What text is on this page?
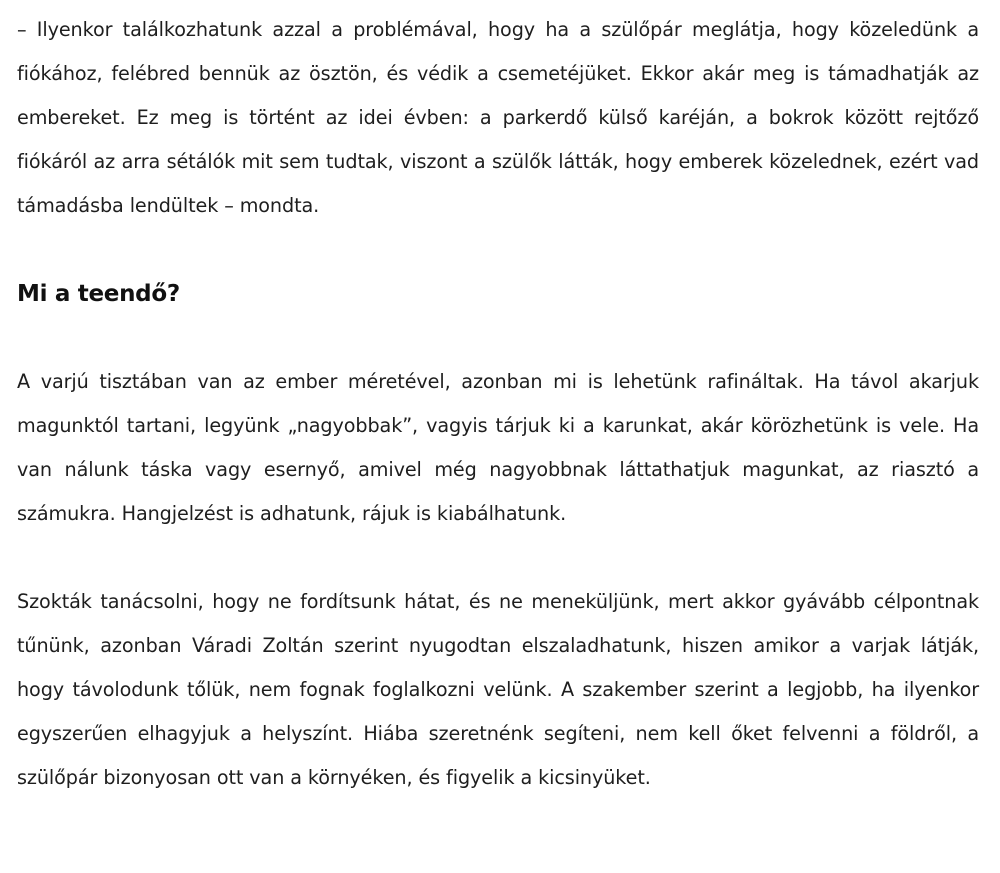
– Ilyenkor találkozhatunk azzal a problémával, hogy ha a szülőpár meglátja, hogy közeledünk a fiókához, felébred bennük az ösztön, és védik a csemetéjüket. Ekkor akár meg is támadhatják az embereket. Ez meg is történt az idei évben: a parkerdő külső karéján, a bokrok között rejtőző fiókáról az arra sétálók mit sem tudtak, viszont a szülők látták, hogy emberek közelednek, ezért vad támadásba lendültek – mondta.

Mi a teendő?

A varjú tisztában van az ember méretével, azonban mi is lehetünk rafináltak. Ha távol akarjuk magunktól tartani, legyünk „nagyobbak”, vagyis tárjuk ki a karunkat, akár körözhetünk is vele. Ha van nálunk táska vagy esernyő, amivel még nagyobbnak láttathatjuk magunkat, az riasztó a számukra. Hangjelzést is adhatunk, rájuk is kiabálhatunk.

Szokták tanácsolni, hogy ne fordítsunk hátat, és ne meneküljünk, mert akkor gyávább célpontnak tűnünk, azonban Váradi Zoltán szerint nyugodtan elszaladhatunk, hiszen amikor a varjak látják, hogy távolodunk tőlük, nem fognak foglalkozni velünk. A szakember szerint a legjobb, ha ilyenkor egyszerűen elhagyjuk a helyszínt. Hiába szeretnénk segíteni, nem kell őket felvenni a földről, a szülőpár bizonyosan ott van a környéken, és figyelik a kicsinyüket.
